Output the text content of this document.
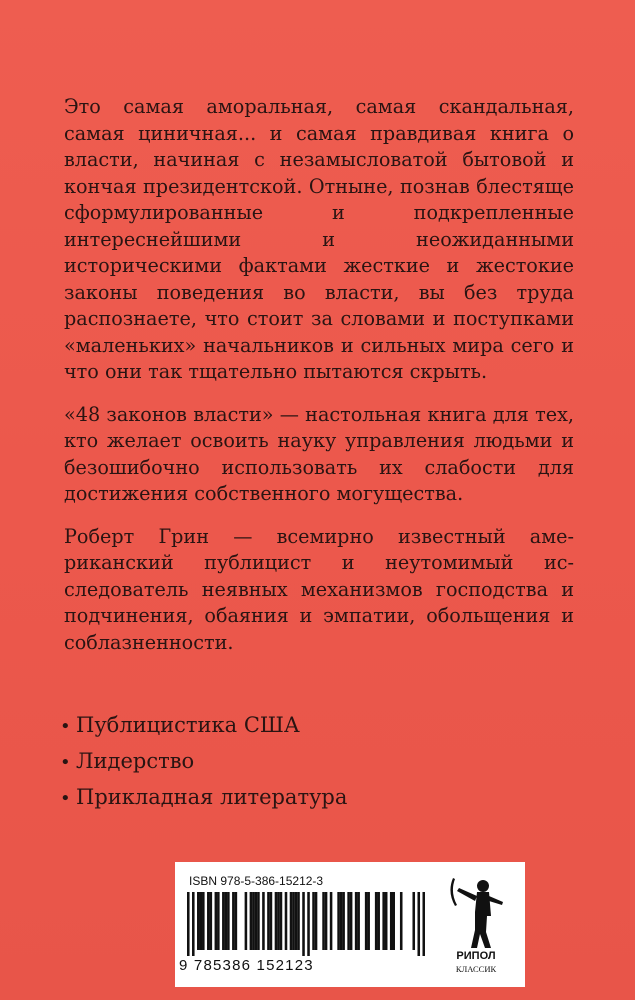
Это самая аморальная, самая скандальная, самая циничная... и самая правдивая книга о власти, начиная с незамысловатой бытовой и кончая президентской. Отныне, познав блестяще сформулированные и подкрепленные интереснейшими и неожиданными историческими фактами жесткие и жестокие законы поведения во власти, вы без труда распознаете, что стоит за словами и поступками «маленьких» начальников и сильных мира сего и что они так тщательно пытаются скрыть.

«48 законов власти» — настольная книга для тех, кто желает освоить науку управления людьми и безошибочно использовать их слабости для достижения собственного могущества.

Роберт Грин — всемирно известный американский публицист и неутомимый исследователь неявных механизмов господства и подчинения, обаяния и эмпатии, обольщения и соблазненности.

• Публицистика США
• Лидерство
• Прикладная литература
ISBN 978-5-386-15212-3
9 785386 152123
РИПОЛ
КЛАССИК
